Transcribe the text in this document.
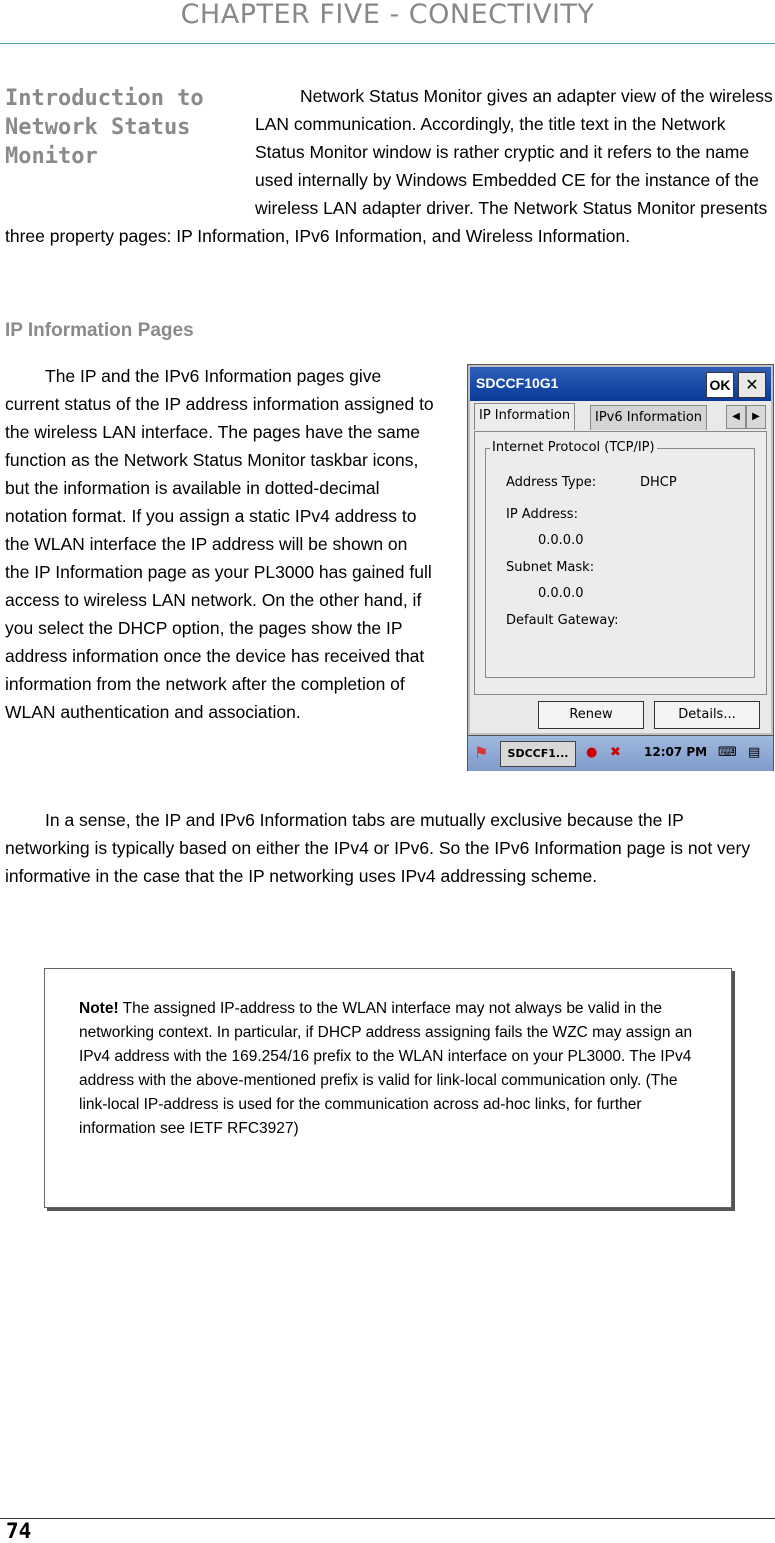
CHAPTER FIVE - CONECTIVITY
Introduction to Network Status Monitor

Network Status Monitor gives an adapter view of the wireless LAN communication. Accordingly, the title text in the Network Status Monitor window is rather cryptic and it refers to the name used internally by Windows Embedded CE for the instance of the wireless LAN adapter driver. The Network Status Monitor presents three property pages: IP Information, IPv6 Information, and Wireless Information.

IP Information Pages

The IP and the IPv6 Information pages give current status of the IP address information assigned to the wireless LAN interface. The pages have the same function as the Network Status Monitor taskbar icons, but the information is available in dotted-decimal notation format. If you assign a static IPv4 address to the WLAN interface the IP address will be shown on the IP Information page as your PL3000 has gained full access to wireless LAN network. On the other hand, if you select the DHCP option, the pages show the IP address information once the device has received that information from the network after the completion of WLAN authentication and association.

SDCCF10G1	OK ✕
IP Information	IPv6 Information	◀	▶
Internet Protocol (TCP/IP)
Address Type:	DHCP
IP Address:
0.0.0.0
Subnet Mask:
0.0.0.0
Default Gateway:
Renew	Details...
⚑	SDCCF1...	● ✖ 12:07 PM ⌨ ▤

In a sense, the IP and IPv6 Information tabs are mutually exclusive because the IP networking is typically based on either the IPv4 or IPv6. So the IPv6 Information page is not very informative in the case that the IP networking uses IPv4 addressing scheme.

Note! The assigned IP-address to the WLAN interface may not always be valid in the networking context. In particular, if DHCP address assigning fails the WZC may assign an IPv4 address with the 169.254/16 prefix to the WLAN interface on your PL3000. The IPv4 address with the above-mentioned prefix is valid for link-local communication only. (The link-local IP-address is used for the communication across ad-hoc links, for further information see IETF RFC3927)

74
